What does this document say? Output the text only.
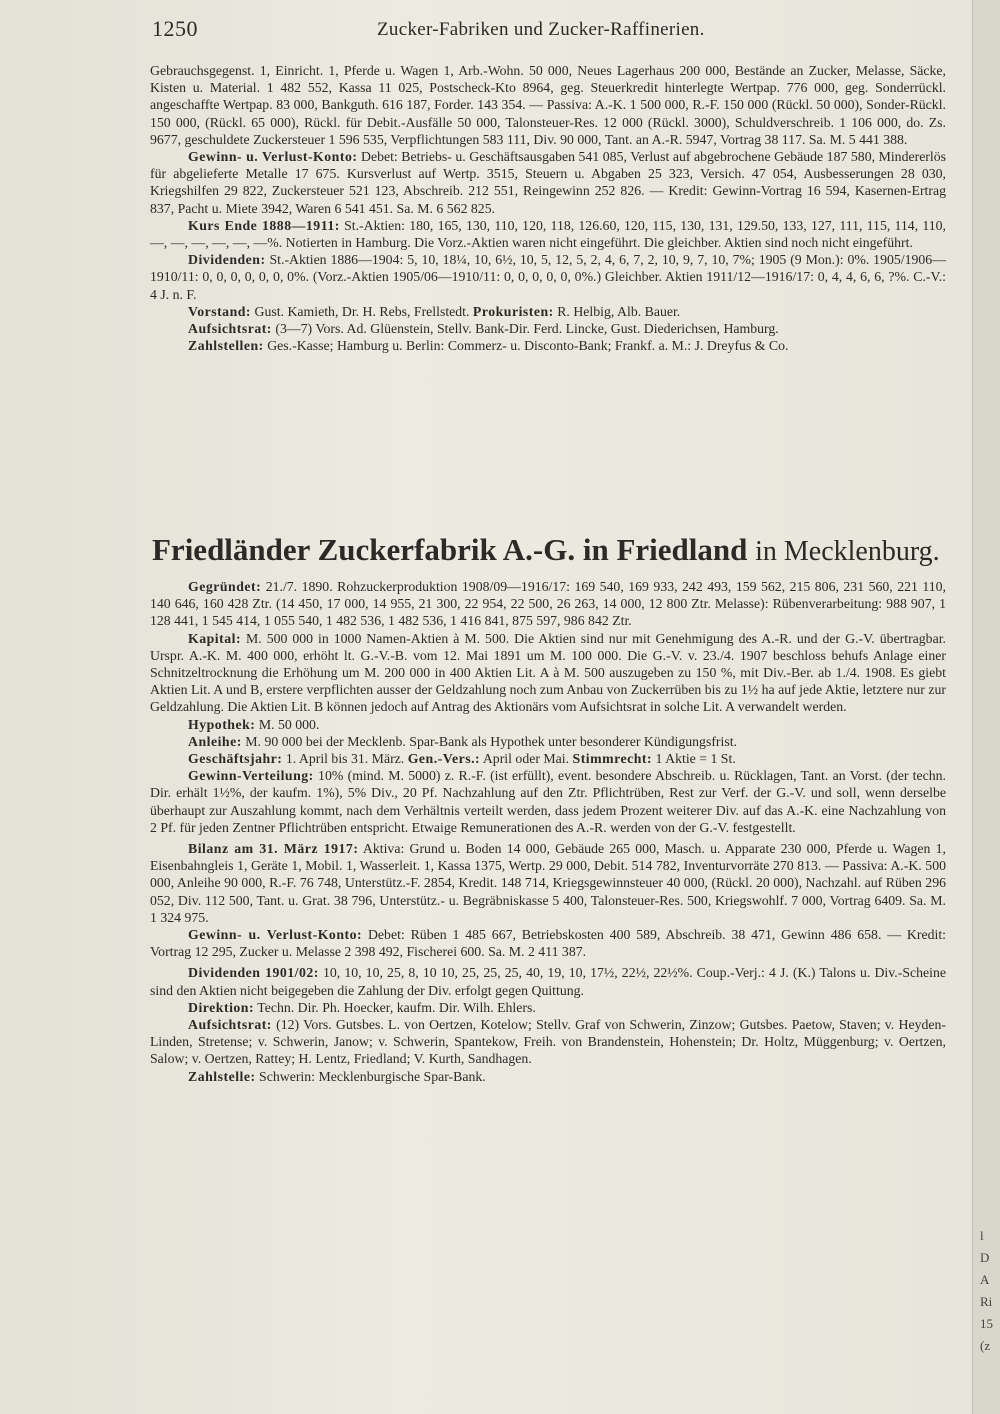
1250	Zucker-Fabriken und Zucker-Raffinerien.

Gebrauchsgegenst. 1, Einricht. 1, Pferde u. Wagen 1, Arb.-Wohn. 50 000, Neues Lagerhaus 200 000, Bestände an Zucker, Melasse, Säcke, Kisten u. Material. 1 482 552, Kassa 11 025, Postscheck-Kto 8964, geg. Steuerkredit hinterlegte Wertpap. 776 000, geg. Sonderrückl. angeschaffte Wertpap. 83 000, Bankguth. 616 187, Forder. 143 354. — Passiva: A.-K. 1 500 000, R.-F. 150 000 (Rückl. 50 000), Sonder-Rückl. 150 000, (Rückl. 65 000), Rückl. für Debit.-Ausfälle 50 000, Talonsteuer-Res. 12 000 (Rückl. 3000), Schuldverschreib. 1 106 000, do. Zs. 9677, geschuldete Zuckersteuer 1 596 535, Verpflichtungen 583 111, Div. 90 000, Tant. an A.-R. 5947, Vortrag 38 117. Sa. M. 5 441 388.

Gewinn- u. Verlust-Konto: Debet: Betriebs- u. Geschäftsausgaben 541 085, Verlust auf abgebrochene Gebäude 187 580, Mindererlös für abgelieferte Metalle 17 675. Kursverlust auf Wertp. 3515, Steuern u. Abgaben 25 323, Versich. 47 054, Ausbesserungen 28 030, Kriegshilfen 29 822, Zuckersteuer 521 123, Abschreib. 212 551, Reingewinn 252 826. — Kredit: Gewinn-Vortrag 16 594, Kasernen-Ertrag 837, Pacht u. Miete 3942, Waren 6 541 451. Sa. M. 6 562 825.

Kurs Ende 1888—1911: St.-Aktien: 180, 165, 130, 110, 120, 118, 126.60, 120, 115, 130, 131, 129.50, 133, 127, 111, 115, 114, 110, —, —, —, —, —, —%. Notierten in Hamburg. Die Vorz.-Aktien waren nicht eingeführt. Die gleichber. Aktien sind noch nicht eingeführt.

Dividenden: St.-Aktien 1886—1904: 5, 10, 18¼, 10, 6½, 10, 5, 12, 5, 2, 4, 6, 7, 2, 10, 9, 7, 10, 7%; 1905 (9 Mon.): 0%. 1905/1906—1910/11: 0, 0, 0, 0, 0, 0, 0%. (Vorz.-Aktien 1905/06—1910/11: 0, 0, 0, 0, 0, 0%.) Gleichber. Aktien 1911/12—1916/17: 0, 4, 4, 6, 6, ?%. C.-V.: 4 J. n. F.

Vorstand: Gust. Kamieth, Dr. H. Rebs, Frellstedt. Prokuristen: R. Helbig, Alb. Bauer.

Aufsichtsrat: (3—7) Vors. Ad. Glüenstein, Stellv. Bank-Dir. Ferd. Lincke, Gust. Diederichsen, Hamburg.

Zahlstellen: Ges.-Kasse; Hamburg u. Berlin: Commerz- u. Disconto-Bank; Frankf. a. M.: J. Dreyfus & Co.

Friedländer Zuckerfabrik A.-G. in Friedland in Mecklenburg.

Gegründet: 21./7. 1890. Rohzuckerproduktion 1908/09—1916/17: 169 540, 169 933, 242 493, 159 562, 215 806, 231 560, 221 110, 140 646, 160 428 Ztr. (14 450, 17 000, 14 955, 21 300, 22 954, 22 500, 26 263, 14 000, 12 800 Ztr. Melasse): Rübenverarbeitung: 988 907, 1 128 441, 1 545 414, 1 055 540, 1 482 536, 1 482 536, 1 416 841, 875 597, 986 842 Ztr.

Kapital: M. 500 000 in 1000 Namen-Aktien à M. 500. Die Aktien sind nur mit Genehmigung des A.-R. und der G.-V. übertragbar. Urspr. A.-K. M. 400 000, erhöht lt. G.-V.-B. vom 12. Mai 1891 um M. 100 000. Die G.-V. v. 23./4. 1907 beschloss behufs Anlage einer Schnitzeltrocknung die Erhöhung um M. 200 000 in 400 Aktien Lit. A à M. 500 auszugeben zu 150 %, mit Div.-Ber. ab 1./4. 1908. Es giebt Aktien Lit. A und B, erstere verpflichten ausser der Geldzahlung noch zum Anbau von Zuckerrüben bis zu 1½ ha auf jede Aktie, letztere nur zur Geldzahlung. Die Aktien Lit. B können jedoch auf Antrag des Aktionärs vom Aufsichtsrat in solche Lit. A verwandelt werden.

Hypothek: M. 50 000.

Anleihe: M. 90 000 bei der Mecklenb. Spar-Bank als Hypothek unter besonderer Kündigungsfrist.

Geschäftsjahr: 1. April bis 31. März. Gen.-Vers.: April oder Mai. Stimmrecht: 1 Aktie = 1 St.

Gewinn-Verteilung: 10% (mind. M. 5000) z. R.-F. (ist erfüllt), event. besondere Abschreib. u. Rücklagen, Tant. an Vorst. (der techn. Dir. erhält 1½%, der kaufm. 1%), 5% Div., 20 Pf. Nachzahlung auf den Ztr. Pflichtrüben, Rest zur Verf. der G.-V. und soll, wenn derselbe überhaupt zur Auszahlung kommt, nach dem Verhältnis verteilt werden, dass jedem Prozent weiterer Div. auf das A.-K. eine Nachzahlung von 2 Pf. für jeden Zentner Pflichtrüben entspricht. Etwaige Remunerationen des A.-R. werden von der G.-V. festgestellt.

Bilanz am 31. März 1917: Aktiva: Grund u. Boden 14 000, Gebäude 265 000, Masch. u. Apparate 230 000, Pferde u. Wagen 1, Eisenbahngleis 1, Geräte 1, Mobil. 1, Wasserleit. 1, Kassa 1375, Wertp. 29 000, Debit. 514 782, Inventurvorräte 270 813. — Passiva: A.-K. 500 000, Anleihe 90 000, R.-F. 76 748, Unterstütz.-F. 2854, Kredit. 148 714, Kriegsgewinnsteuer 40 000, (Rückl. 20 000), Nachzahl. auf Rüben 296 052, Div. 112 500, Tant. u. Grat. 38 796, Unterstütz.- u. Begräbniskasse 5 400, Talonsteuer-Res. 500, Kriegswohlf. 7 000, Vortrag 6409. Sa. M. 1 324 975.

Gewinn- u. Verlust-Konto: Debet: Rüben 1 485 667, Betriebskosten 400 589, Abschreib. 38 471, Gewinn 486 658. — Kredit: Vortrag 12 295, Zucker u. Melasse 2 398 492, Fischerei 600. Sa. M. 2 411 387.

Dividenden 1901/02: 10, 10, 10, 25, 8, 10 10, 25, 25, 25, 40, 19, 10, 17½, 22½, 22½%. Coup.-Verj.: 4 J. (K.) Talons u. Div.-Scheine sind den Aktien nicht beigegeben die Zahlung der Div. erfolgt gegen Quittung.

Direktion: Techn. Dir. Ph. Hoecker, kaufm. Dir. Wilh. Ehlers.

Aufsichtsrat: (12) Vors. Gutsbes. L. von Oertzen, Kotelow; Stellv. Graf von Schwerin, Zinzow; Gutsbes. Paetow, Staven; v. Heyden-Linden, Stretense; v. Schwerin, Janow; v. Schwerin, Spantekow, Freih. von Brandenstein, Hohenstein; Dr. Holtz, Müggenburg; v. Oertzen, Salow; v. Oertzen, Rattey; H. Lentz, Friedland; V. Kurth, Sandhagen.

Zahlstelle: Schwerin: Mecklenburgische Spar-Bank.

l
D
A
Ri
15
(z
